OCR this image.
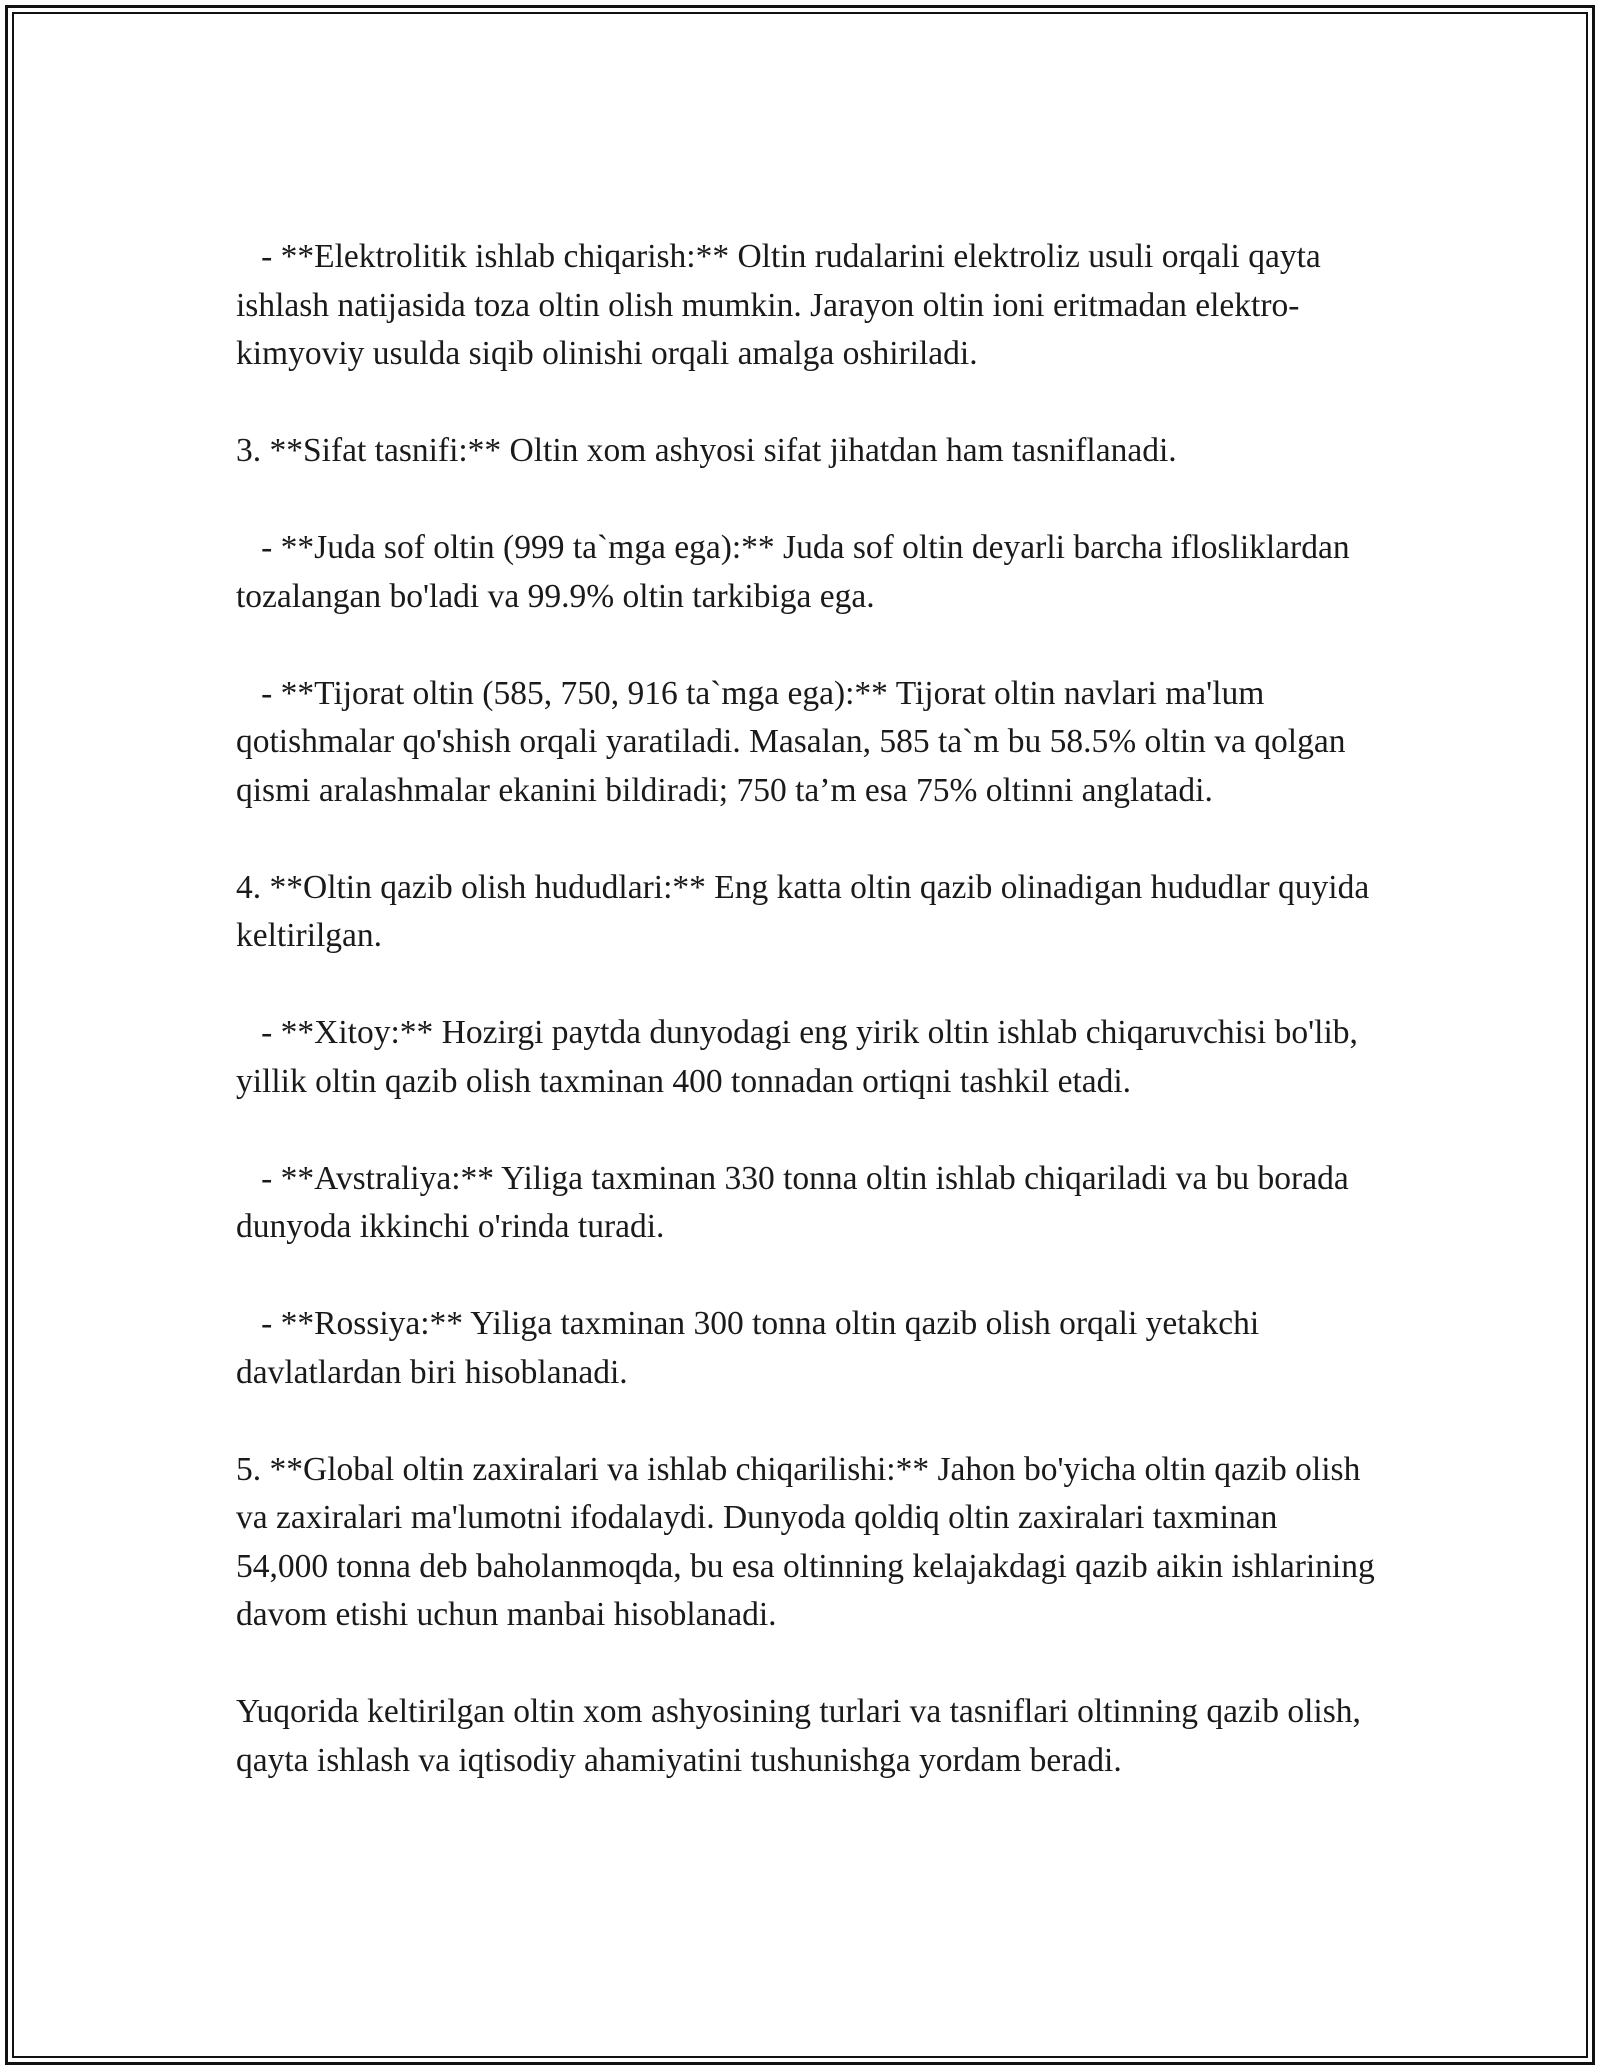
- **Elektrolitik ishlab chiqarish:** Oltin rudalarini elektroliz usuli orqali qayta ishlash natijasida toza oltin olish mumkin. Jarayon oltin ioni eritmadan elektro-kimyoviy usulda siqib olinishi orqali amalga oshiriladi.

3. **Sifat tasnifi:** Oltin xom ashyosi sifat jihatdan ham tasniflanadi.

- **Juda sof oltin (999 ta`mga ega):** Juda sof oltin deyarli barcha iflosliklardan tozalangan bo'ladi va 99.9% oltin tarkibiga ega.

- **Tijorat oltin (585, 750, 916 ta`mga ega):** Tijorat oltin navlari ma'lum qotishmalar qo'shish orqali yaratiladi. Masalan, 585 ta`m bu 58.5% oltin va qolgan qismi aralashmalar ekanini bildiradi; 750 ta’m esa 75% oltinni anglatadi.

4. **Oltin qazib olish hududlari:** Eng katta oltin qazib olinadigan hududlar quyida keltirilgan.

- **Xitoy:** Hozirgi paytda dunyodagi eng yirik oltin ishlab chiqaruvchisi bo'lib, yillik oltin qazib olish taxminan 400 tonnadan ortiqni tashkil etadi.

- **Avstraliya:** Yiliga taxminan 330 tonna oltin ishlab chiqariladi va bu borada dunyoda ikkinchi o'rinda turadi.

- **Rossiya:** Yiliga taxminan 300 tonna oltin qazib olish orqali yetakchi davlatlardan biri hisoblanadi.

5. **Global oltin zaxiralari va ishlab chiqarilishi:** Jahon bo'yicha oltin qazib olish va zaxiralari ma'lumotni ifodalaydi. Dunyoda qoldiq oltin zaxiralari taxminan 54,000 tonna deb baholanmoqda, bu esa oltinning kelajakdagi qazib aikin ishlarining davom etishi uchun manbai hisoblanadi.

Yuqorida keltirilgan oltin xom ashyosining turlari va tasniflari oltinning qazib olish, qayta ishlash va iqtisodiy ahamiyatini tushunishga yordam beradi.
